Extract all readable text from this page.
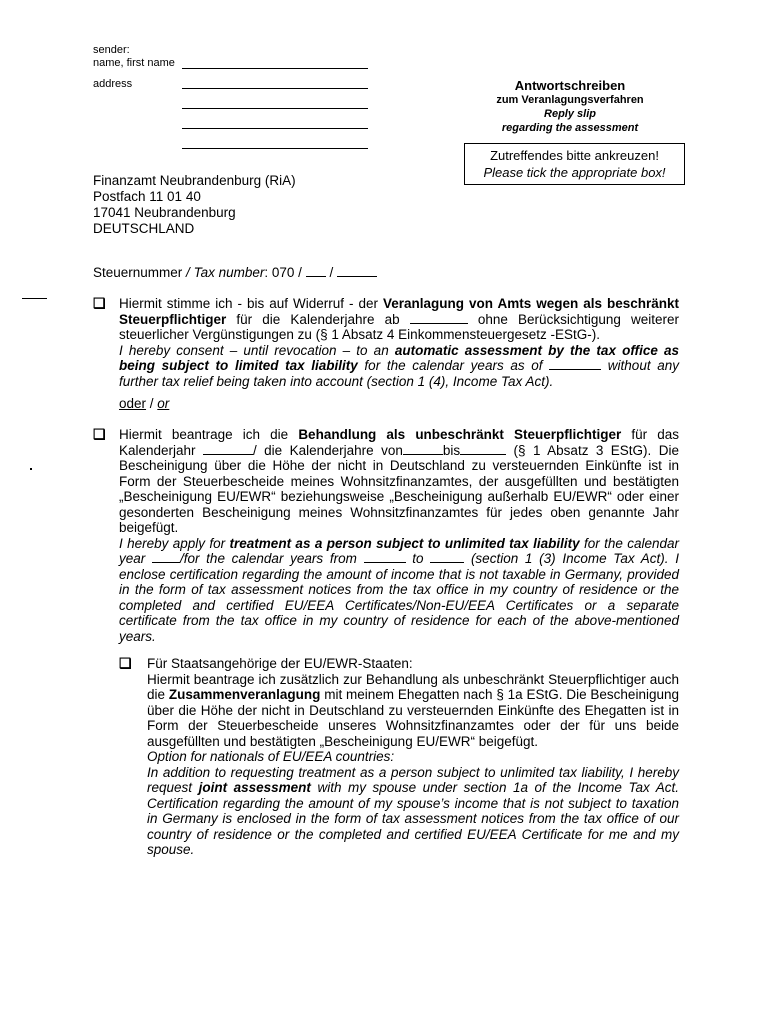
sender:
name, first name
address	Antwortschreiben
zum Veranlagungsverfahren
Reply slip
regarding the assessment
Zutreffendes bitte ankreuzen!
Please tick the appropriate box!
Finanzamt Neubrandenburg (RiA)
Postfach 11 01 40
17041 Neubrandenburg
DEUTSCHLAND
Steuernummer / Tax number: 070 / /
❏ Hiermit stimme ich - bis auf Widerruf - der Veranlagung von Amts wegen als beschränkt Steuerpflichtiger für die Kalenderjahre ab	ohne Berücksichtigung weiterer steuerlicher Vergünstigungen zu (§ 1 Absatz 4 Einkommensteuergesetz -EStG-).

I hereby consent – until revocation – to an automatic assessment by the tax office as being subject to limited tax liability for the calendar years as of	without any further tax relief being taken into account (section 1 (4), Income Tax Act).

oder / or
❏ Hiermit beantrage ich die Behandlung als unbeschränkt Steuerpflichtiger für das Kalenderjahr	/ die Kalenderjahre von	bis	(§ 1 Absatz 3 EStG). Die Bescheinigung über die Höhe der nicht in Deutschland zu versteuernden Einkünfte ist in Form der Steuerbescheide meines Wohnsitzfinanzamtes, der ausgefüllten und bestätigten „Bescheinigung EU/EWR“ beziehungsweise „Bescheinigung außerhalb EU/EWR“ oder einer gesonderten Bescheinigung meines Wohnsitzfinanzamtes für jedes oben genannte Jahr beigefügt.

I hereby apply for treatment as a person subject to unlimited tax liability for the calendar year /for the calendar years from	to	(section 1 (3) Income Tax Act). I enclose certification regarding the amount of income that is not taxable in Germany, provided in the form of tax assessment notices from the tax office in my country of residence or the completed and certified EU/EEA Certificates/Non-EU/EEA Certificates or a separate certificate from the tax office in my country of residence for each of the above-mentioned years.

❏ Für Staatsangehörige der EU/EWR-Staaten:

Hiermit beantrage ich zusätzlich zur Behandlung als unbeschränkt Steuerpflichtiger auch die Zusammenveranlagung mit meinem Ehegatten nach § 1a EStG. Die Bescheinigung über die Höhe der nicht in Deutschland zu versteuernden Einkünfte des Ehegatten ist in Form der Steuerbescheide unseres Wohnsitzfinanzamtes oder der für uns beide ausgefüllten und bestätigten „Bescheinigung EU/EWR“ beigefügt.

Option for nationals of EU/EEA countries:

In addition to requesting treatment as a person subject to unlimited tax liability, I hereby request joint assessment with my spouse under section 1a of the Income Tax Act. Certification regarding the amount of my spouse’s income that is not subject to taxation in Germany is enclosed in the form of tax assessment notices from the tax office of our country of residence or the completed and certified EU/EEA Certificate for me and my spouse.
